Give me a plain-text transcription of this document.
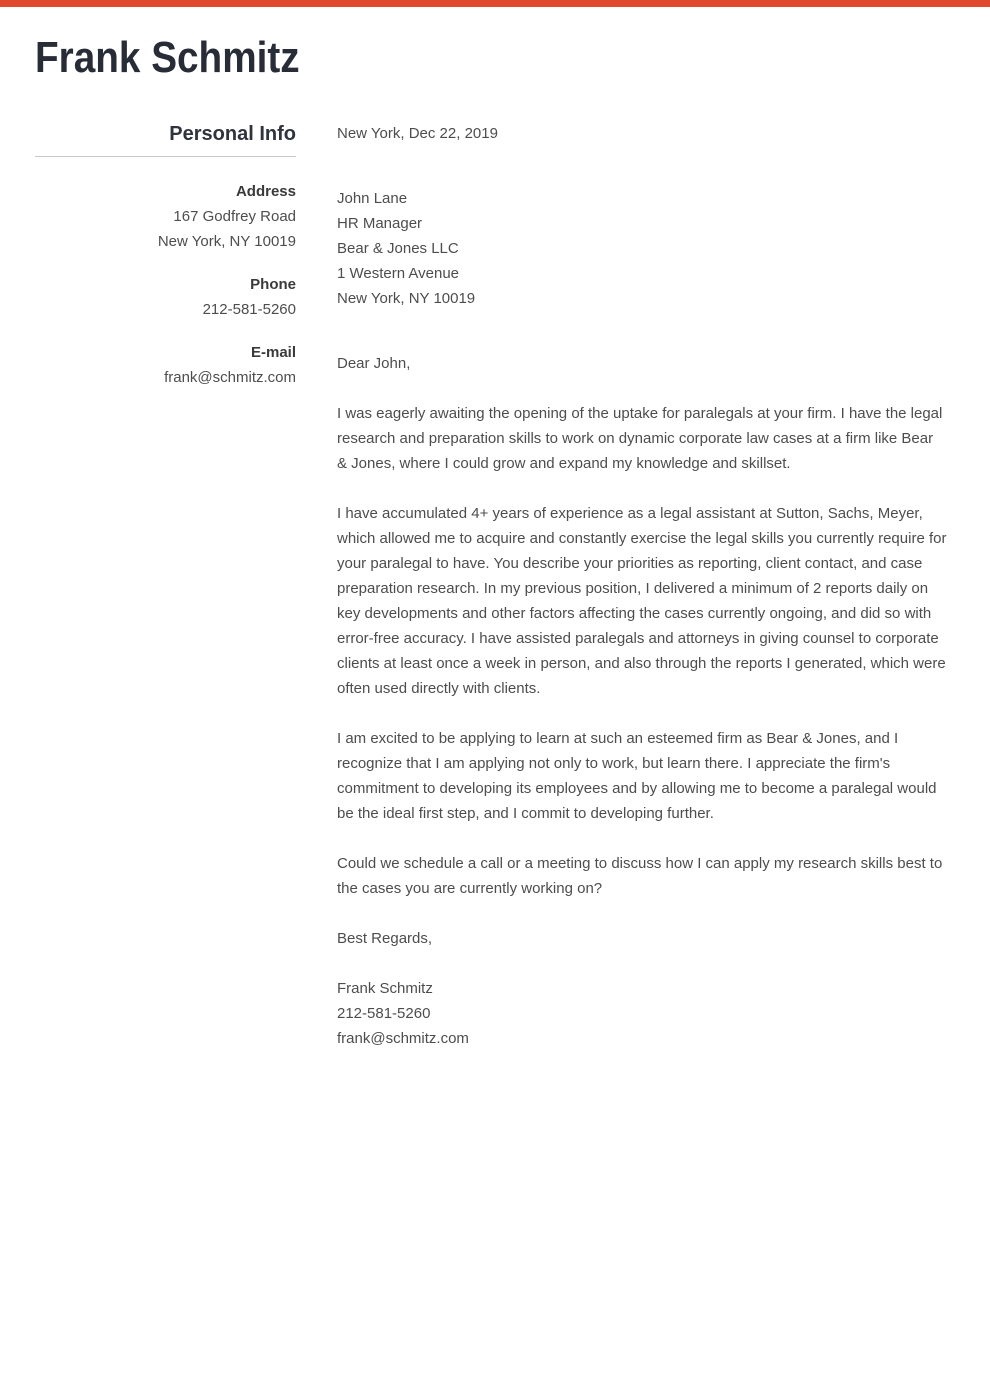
Frank Schmitz
Personal Info
Address
167 Godfrey Road
New York, NY 10019
Phone
212-581-5260
E-mail
frank@schmitz.com

New York, Dec 22, 2019

John Lane
HR Manager
Bear & Jones LLC
1 Western Avenue
New York, NY 10019

Dear John,

I was eagerly awaiting the opening of the uptake for paralegals at your firm. I have the legal research and preparation skills to work on dynamic corporate law cases at a firm like Bear & Jones, where I could grow and expand my knowledge and skillset.

I have accumulated 4+ years of experience as a legal assistant at Sutton, Sachs, Meyer, which allowed me to acquire and constantly exercise the legal skills you currently require for your paralegal to have. You describe your priorities as reporting, client contact, and case preparation research. In my previous position, I delivered a minimum of 2 reports daily on key developments and other factors affecting the cases currently ongoing, and did so with error-free accuracy. I have assisted paralegals and attorneys in giving counsel to corporate clients at least once a week in person, and also through the reports I generated, which were often used directly with clients.

I am excited to be applying to learn at such an esteemed firm as Bear & Jones, and I recognize that I am applying not only to work, but learn there. I appreciate the firm's commitment to developing its employees and by allowing me to become a paralegal would be the ideal first step, and I commit to developing further.

Could we schedule a call or a meeting to discuss how I can apply my research skills best to the cases you are currently working on?

Best Regards,

Frank Schmitz
212-581-5260
frank@schmitz.com
